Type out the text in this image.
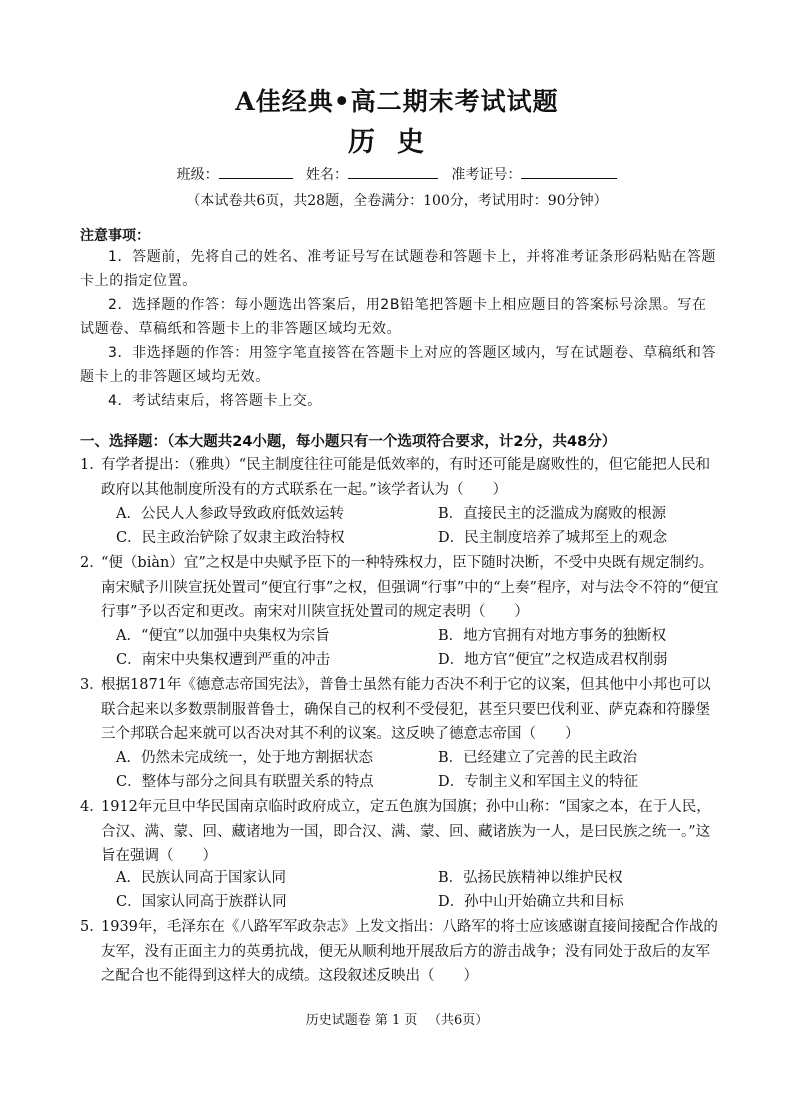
A佳经典•高二期末考试试题
历史
班级：	姓名：	准考证号：
（本试卷共6页，共28题，全卷满分：100分，考试用时：90分钟）
注意事项：
1．答题前，先将自己的姓名、准考证号写在试题卷和答题卡上，并将准考证条形码粘贴在答题卡上的指定位置。
2．选择题的作答：每小题选出答案后，用2B铅笔把答题卡上相应题目的答案标号涂黑。写在试题卷、草稿纸和答题卡上的非答题区域均无效。
3．非选择题的作答：用签字笔直接答在答题卡上对应的答题区域内，写在试题卷、草稿纸和答题卡上的非答题区域均无效。
4．考试结束后，将答题卡上交。
一、选择题：（本大题共24小题，每小题只有一个选项符合要求，计2分，共48分）
1．
有学者提出：（雅典）“民主制度往往可能是低效率的，有时还可能是腐败性的，但它能把人民和政府以其他制度所没有的方式联系在一起。”该学者认为（　　）
A．公民人人参政导致政府低效运转	B．直接民主的泛滥成为腐败的根源
C．民主政治铲除了奴隶主政治特权	D．民主制度培养了城邦至上的观念
2．
“便（biàn）宜”之权是中央赋予臣下的一种特殊权力，臣下随时决断，不受中央既有规定制约。南宋赋予川陕宣抚处置司“便宜行事”之权，但强调“行事”中的“上奏”程序，对与法令不符的“便宜行事”予以否定和更改。南宋对川陕宣抚处置司的规定表明（　　）
A．“便宜”以加强中央集权为宗旨	B．地方官拥有对地方事务的独断权
C．南宋中央集权遭到严重的冲击	D．地方官“便宜”之权造成君权削弱
3．
根据1871年《德意志帝国宪法》，普鲁士虽然有能力否决不利于它的议案，但其他中小邦也可以联合起来以多数票制服普鲁士，确保自己的权利不受侵犯，甚至只要巴伐利亚、萨克森和符滕堡三个邦联合起来就可以否决对其不利的议案。这反映了德意志帝国（　　）
A．仍然未完成统一，处于地方割据状态	B．已经建立了完善的民主政治
C．整体与部分之间具有联盟关系的特点	D．专制主义和军国主义的特征
4．
1912年元旦中华民国南京临时政府成立，定五色旗为国旗；孙中山称：“国家之本，在于人民，合汉、满、蒙、回、藏诸地为一国，即合汉、满、蒙、回、藏诸族为一人，是曰民族之统一。”这旨在强调（　　）
A．民族认同高于国家认同	B．弘扬民族精神以维护民权
C．国家认同高于族群认同	D．孙中山开始确立共和目标
5．
1939年，毛泽东在《八路军军政杂志》上发文指出：八路军的将士应该感谢直接间接配合作战的友军，没有正面主力的英勇抗战，便无从顺利地开展敌后方的游击战争；没有同处于敌后的友军之配合也不能得到这样大的成绩。这段叙述反映出（　　）
历史试题卷 第 1 页 　（共6页）
